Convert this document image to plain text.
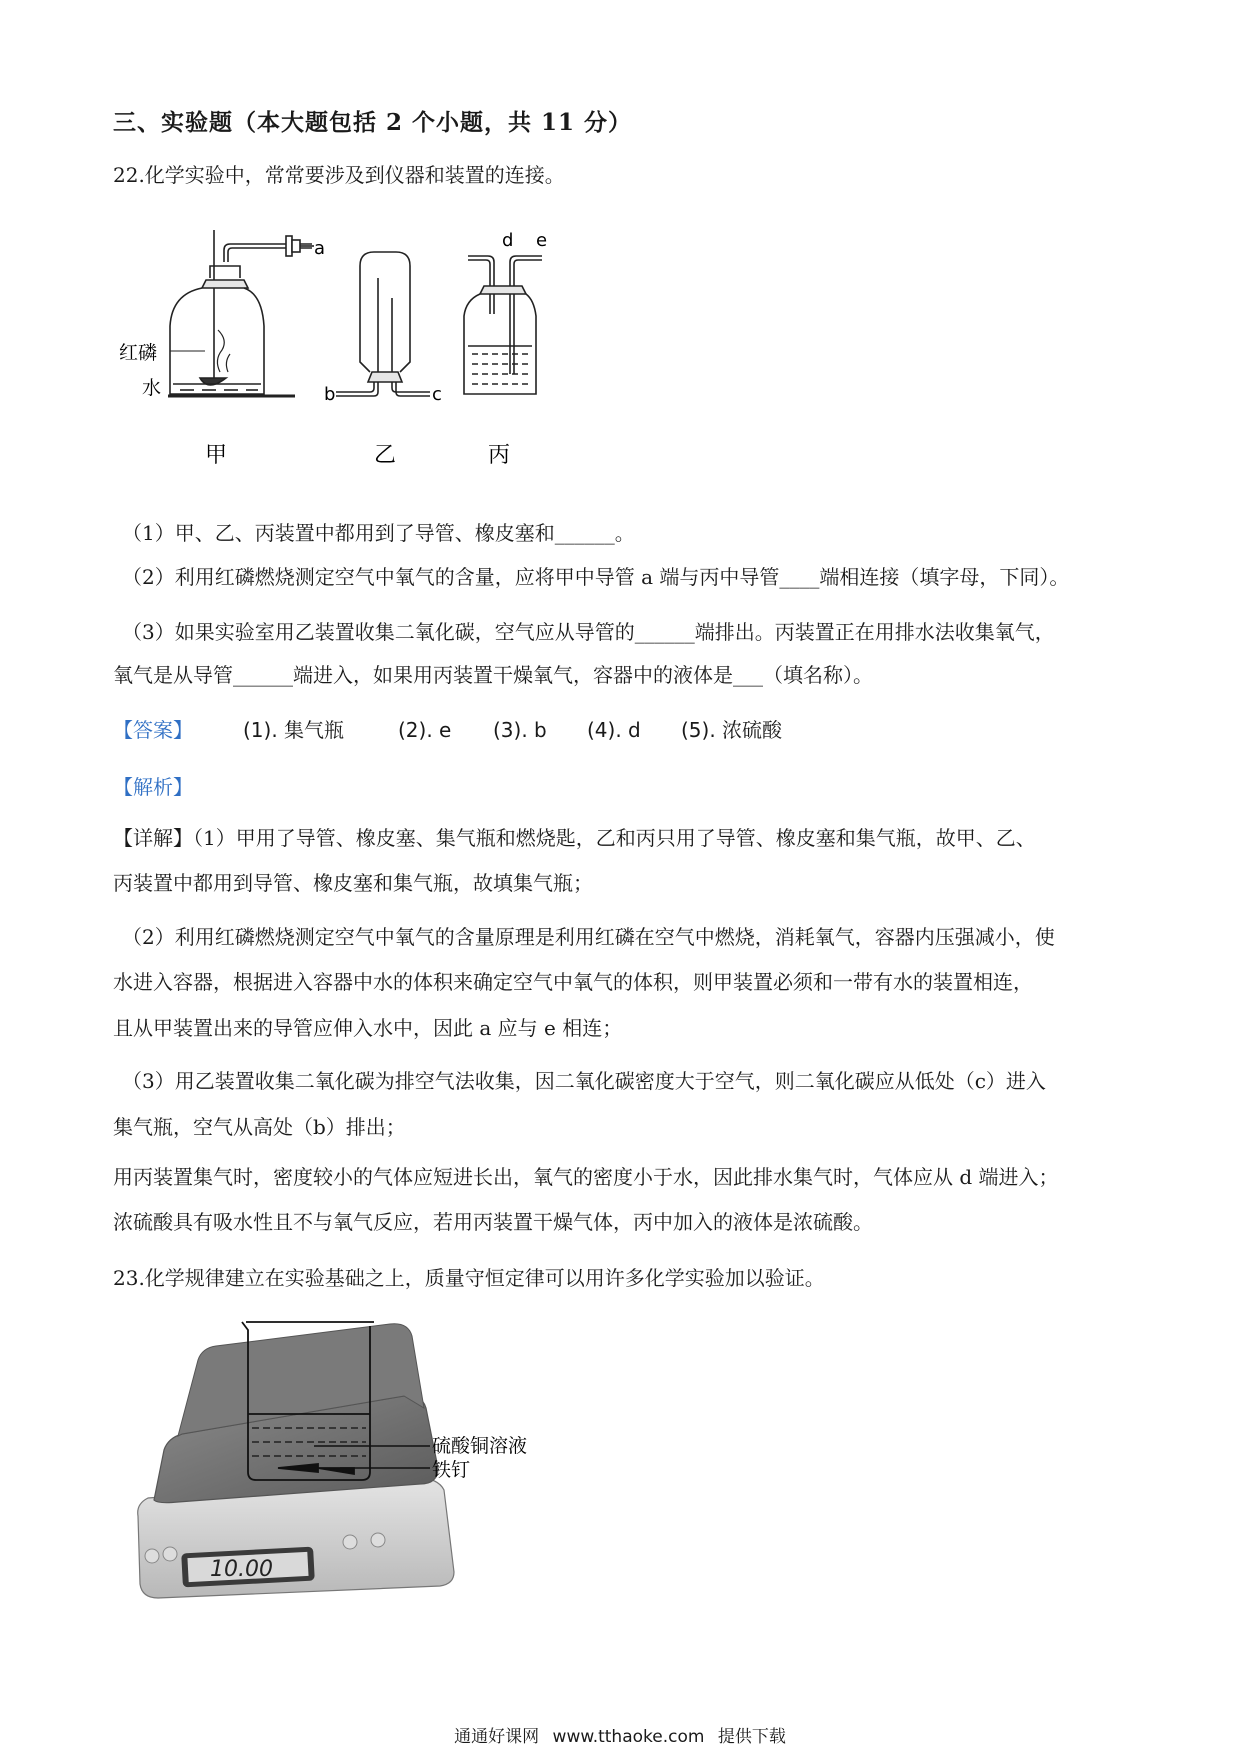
三、实验题（本大题包括 2 个小题，共 11 分）
22.化学实验中，常常要涉及到仪器和装置的连接。
a
红磷
水
甲
b	c
乙
d e
丙
（1）甲、乙、丙装置中都用到了导管、橡皮塞和______。
（2）利用红磷燃烧测定空气中氧气的含量，应将甲中导管 a 端与丙中导管____端相连接（填字母，下同）。
（3）如果实验室用乙装置收集二氧化碳，空气应从导管的______端排出。丙装置正在用排水法收集氧气，
氧气是从导管______端进入，如果用丙装置干燥氧气，容器中的液体是___（填名称）。
【答案】	(1). 集气瓶	(2). e (3). b (4). d (5). 浓硫酸
【解析】
【详解】（1）甲用了导管、橡皮塞、集气瓶和燃烧匙，乙和丙只用了导管、橡皮塞和集气瓶，故甲、乙、
丙装置中都用到导管、橡皮塞和集气瓶，故填集气瓶；
（2）利用红磷燃烧测定空气中氧气的含量原理是利用红磷在空气中燃烧，消耗氧气，容器内压强减小，使
水进入容器，根据进入容器中水的体积来确定空气中氧气的体积，则甲装置必须和一带有水的装置相连，
且从甲装置出来的导管应伸入水中，因此 a 应与 e 相连；
（3）用乙装置收集二氧化碳为排空气法收集，因二氧化碳密度大于空气，则二氧化碳应从低处（c）进入
集气瓶，空气从高处（b）排出；
用丙装置集气时，密度较小的气体应短进长出，氧气的密度小于水，因此排水集气时，气体应从 d 端进入；
浓硫酸具有吸水性且不与氧气反应，若用丙装置干燥气体，丙中加入的液体是浓硫酸。
23.化学规律建立在实验基础之上，质量守恒定律可以用许多化学实验加以验证。
10.00
硫酸铜溶液
铁钉
通通好课网 www.tthaoke.com 提供下载
